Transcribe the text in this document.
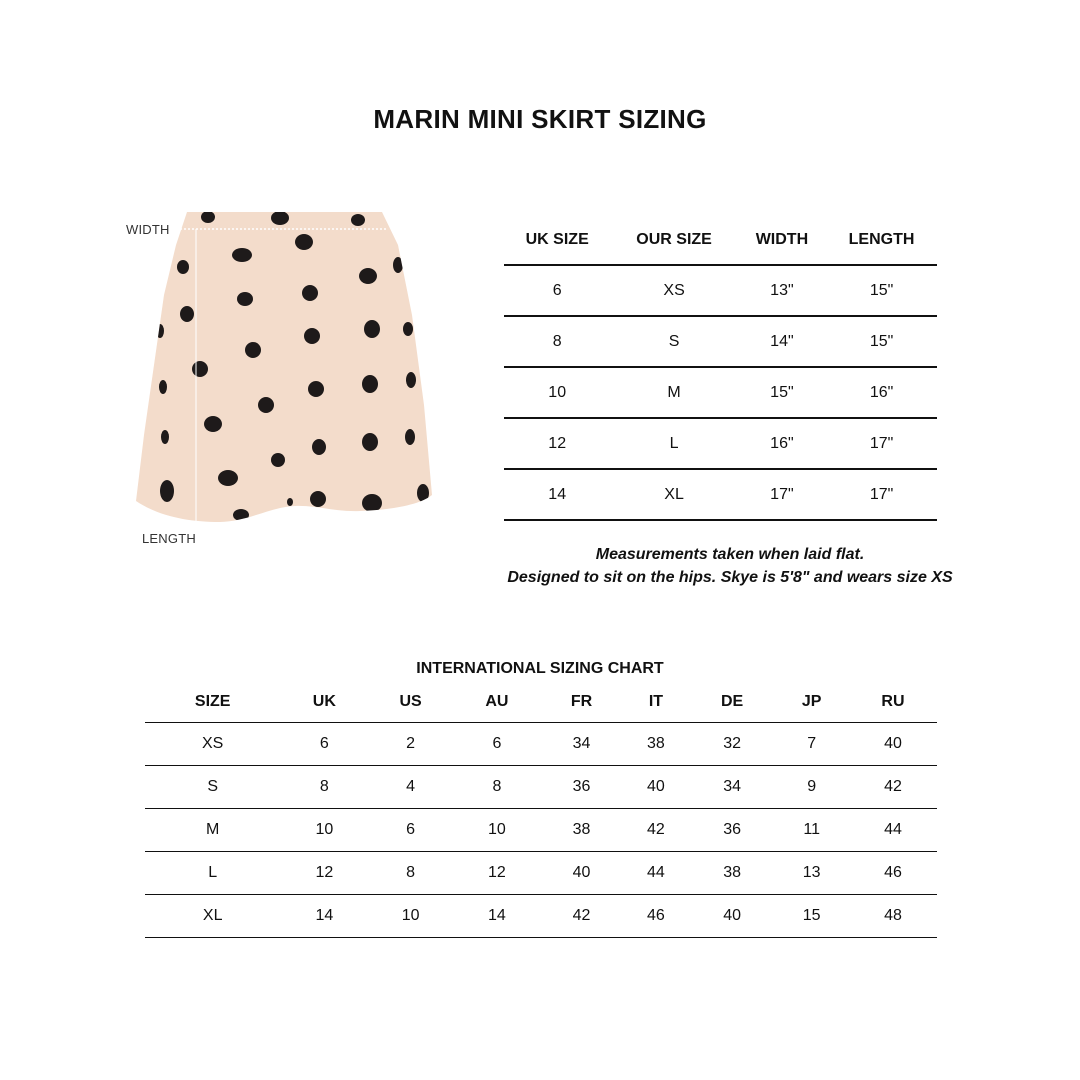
MARIN MINI SKIRT SIZING
WIDTH
LENGTH
UK SIZE	OUR SIZE	WIDTH	LENGTH
6	XS	13"	15"
8	S	14"	15"
10	M	15"	16"
12	L	16"	17"
14	XL	17"	17"

Measurements taken when laid flat.
Designed to sit on the hips. Skye is 5'8" and wears size XS

INTERNATIONAL SIZING CHART
SIZE	UK	US	AU	FR	IT	DE	JP	RU
XS	6	2	6	34	38	32	7	40
S	8	4	8	36	40	34	9	42
M	10	6	10	38	42	36	11	44
L	12	8	12	40	44	38	13	46
XL	14	10	14	42	46	40	15	48
